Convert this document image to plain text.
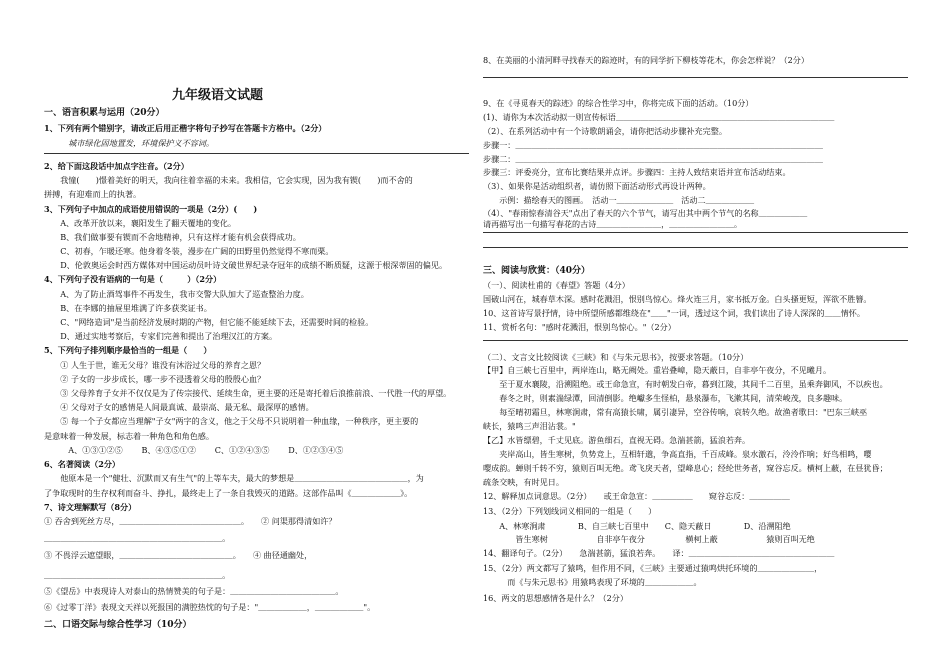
九年级语文试题
一、语言积累与运用（20分）
1、下列有两个错别字，请改正后用正楷字将句子抄写在答题卡方格中。（2分）
　　　城市绿化固地置发，环境保护义不容词。
2、给下面这段话中加点字注音。（2分）
　　我憧(　　)憬着美好的明天，我向往着幸福的未来。我相信，它会实现，因为我有锲(　　)而不舍的
拼搏，有迎难而上的执著。
3、下列句子中加点的成语使用错误的一项是（2分）(　　)
　　A、改革开放以来，襄阳发生了翻天覆地的变化。
　　B、我们做事要有锲而不舍地精神，只有这样才能有机会获得成功。
　　C、初春，乍暖还寒。他身着冬装，漫步在广阔的田野里仍然觉得不寒而栗。
　　D、伦敦奥运会时西方媒体对中国运动员叶诗文破世界纪录夺冠年的成绩不断质疑，这源于根深蒂固的偏见。
4、下列句子没有语病的一句是（　　　）（2分）
　　A、为了防止酒驾事件不再发生，我市交警大队加大了巡查整治力度。
　　B、在李娜的抽屉里堆满了许多获奖证书。
　　C、"网络造词"是当前经济发展时期的产物，但它能不能延续下去，还需要时间的检验。
　　D、通过实地考察后，专家们完善和提出了治理汉江的方案。
5、下列句子排列顺序最恰当的一组是（　　）
　　① 人生于世，谁无父母？谁没有沐浴过父母的养育之恩？
　　② 子女的一步步成长，哪一步不浸透着父母的殷殷心血？
　　③ 父母养育子女并不仅仅是为了传宗接代、延续生命，更主要的还是寄托着后浪推前浪、一代胜一代的厚望。
　　④ 父母对子女的感情是人间最真诚、最崇高、最无私、最深厚的感情。
　　⑤ 每一个子女都应当理解"子女"两字的含义，他之于父母不只说明着一种血缘，一种秩序，更主要的
是意味着一种发展，标志着一种角色和角色感。
　　　A、①③①②⑤　　 B、④③⑤①②　　 C、①②④③⑤　　 D、①②③④⑤
6、名著阅读（2分）
　　他原本是一个"健壮、沉默而又有生气"的上等车夫，最大的梦想是＿＿＿＿＿＿＿＿＿＿＿＿＿＿，为
了争取现时的生存权利而奋斗、挣扎，最终走上了一条自我毁灭的道路。这部作品叫《＿＿＿＿＿＿》。
7、诗文理解默写（8分）
① 吞舍到死丝方尽，＿＿＿＿＿＿＿＿＿＿＿＿＿＿＿。　　② 问渠那得清如许？
＿＿＿＿＿＿＿＿＿＿＿＿＿＿＿＿＿＿＿＿＿＿。
③ 不畏浮云遮望眼，＿＿＿＿＿＿＿＿＿＿＿＿＿＿。　　④ 曲径通幽处，
＿＿＿＿＿＿＿＿＿＿＿＿＿＿＿＿＿＿＿＿＿＿。
⑤《望岳》中表现诗人对泰山的热情赞美的句子是：＿＿＿＿＿＿＿＿＿＿＿＿＿。
⑥《过零丁洋》表现文天祥以死报国的满腔热忱的句子是："＿＿＿＿＿＿，＿＿＿＿＿＿"。
二、口语交际与综合性学习（10分）
8、在美丽的小清河畔寻找春天的踪迹时，有的同学折下柳枝等花木，你会怎样说？（2分）
9、在《寻觅春天的踪迹》的综合性学习中，你将完成下面的活动。（10分）
(1)、请你为本次活动拟一则宣传标语＿＿＿＿＿＿＿＿＿＿＿＿＿＿＿＿＿＿＿＿＿＿＿＿＿＿＿
（2）、在系列活动中有一个诗歌朗诵会，请你把活动步骤补充完整。
步骤一：＿＿＿＿＿＿＿＿＿＿＿＿＿＿＿＿＿＿＿＿＿＿＿＿＿＿＿＿＿＿＿＿＿＿＿＿＿＿
步骤二：＿＿＿＿＿＿＿＿＿＿＿＿＿＿＿＿＿＿＿＿＿＿＿＿＿＿＿＿＿＿＿＿＿＿＿＿＿＿
步骤三：评委亮分，宣布比赛结果并点评。步骤四：主持人致结束语并宣布活动结束。
（3）、如果你是活动组织者，请仿照下面活动形式再设计两种。
　　示例：描绘春天的图画。　活动一＿＿＿＿＿＿＿　活动二＿＿＿＿＿＿
（4）、"春雨惊春清谷天"点出了春天的六个节气，请写出其中两个节气的名称＿＿＿＿＿＿
请再描写出一句描写春花的古诗＿＿＿＿＿＿＿＿，＿＿＿＿＿＿＿＿。
三、阅读与欣赏：（40分）
（一）、阅读杜甫的《春望》答题（4分）
国破山河在，城春草木深。感时花溅泪，恨别鸟惊心。烽火连三月，家书抵万金。白头搔更短，浑欲不胜簪。
10、这首诗写景抒情，诗中所望所感都维绕在"＿＿"一词，透过这个词，我们读出了诗人深深的＿＿情怀。
11、赏析名句："感时花溅泪，恨别鸟惊心。"（2分）
（二）、文言文比较阅读《三峡》和《与朱元思书》，按要求答题。（10分）
【甲】自三峡七百里中，两岸连山，略无阙处。重岩叠嶂，隐天蔽日，自非亭午夜分，不见曦月。
　　至于夏水襄陵，沿溯阻绝。或王命急宣，有时朝发白帝，暮到江陵，其间千二百里，虽乘奔御风，不以疾也。
　　春冬之时，则素湍绿潭，回清倒影。绝巘多生怪柏，悬泉瀑布，飞漱其间，清荣峻茂，良多趣味。
　　每至晴初霜旦，林寒涧肃，常有高猿长啸，属引凄异，空谷传响，哀转久绝。故渔者歌曰："巴东三峡巫
峡长，猿鸣三声泪沾裳。"
【乙】水皆缥碧，千丈见底。游鱼细石，直视无碍。急湍甚箭，猛浪若奔。
　　夹岸高山，皆生寒树，负势竞上，互相轩邈，争高直指，千百成峰。泉水激石，泠泠作响；好鸟相鸣，嘤
嘤成韵。蝉则千转不穷，猿则百叫无绝。鸢飞戾天者，望峰息心；经纶世务者，窥谷忘反。横柯上蔽，在昼犹昏；
疏条交映，有时见日。
12、解释加点词意思。（2分）　　或王命急宣：＿＿＿＿＿　　窥谷忘反：＿＿＿＿＿
13、（2分）下列划线词义相同的一组是（　　）
　　A、林寒涧肃　　　　B、自三峡七百里中　　C、隐天蔽日　　　　D、沿溯阻绝
　　　　皆生寒树　　　　　　自非亭午夜分　　　　　横柯上蔽　　　　　　猿则百叫无绝
14、翻译句子。（2分）　　急湍甚箭，猛浪若奔。　　译：＿＿＿＿＿＿＿＿＿＿＿＿＿＿＿＿＿＿
15、（2分）两文都写了猿鸣，但作用不同，《三峡》主要通过猿鸣烘托环境的＿＿＿＿＿＿＿，
　　　而《与朱元思书》用猿鸣表现了环境的＿＿＿＿＿＿。
16、两文的思想感情各是什么？（2分）
